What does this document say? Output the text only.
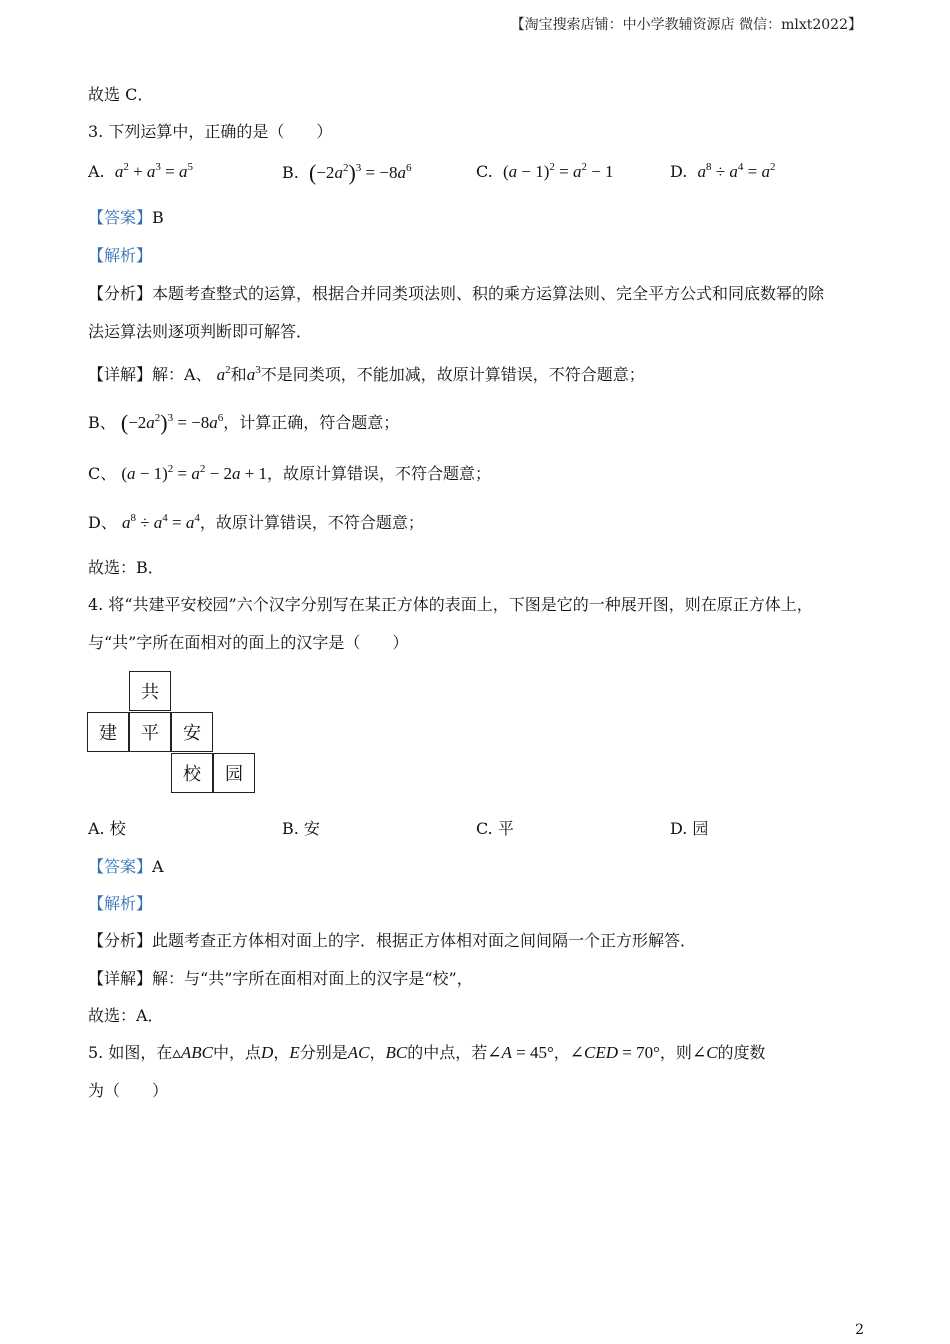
【淘宝搜索店铺：中小学教辅资源店 微信：mlxt2022】
故选 C．
3. 下列运算中，正确的是（　　）
A. $a^2 + a^3 = a^5$	B. $(-2a^2)^3 = -8a^6$	C. $(a - 1)^2 = a^2 - 1$	D. $a^8 \div a^4 = a^2$
【答案】B
【解析】
【分析】本题考查整式的运算，根据合并同类项法则、积的乘方运算法则、完全平方公式和同底数幂的除
法运算法则逐项判断即可解答．
【详解】解：A、 $a^2$和$a^3$不是同类项，不能加减，故原计算错误，不符合题意；
B、 $(-2a^2)^3 = -8a^6$，计算正确，符合题意；
C、 $(a - 1)^2 = a^2 - 2a + 1$，故原计算错误，不符合题意；
D、 $a^8 \div a^4 = a^4$，故原计算错误，不符合题意；
故选：B．
4. 将“共建平安校园”六个汉字分别写在某正方体的表面上，下图是它的一种展开图，则在原正方体上，
与“共”字所在面相对的面上的汉字是（　　）
共
建	平	安
校	园
A. 校	B. 安	C. 平	D. 园
【答案】A
【解析】
【分析】此题考查正方体相对面上的字．根据正方体相对面之间间隔一个正方形解答．
【详解】解：与“共”字所在面相对面上的汉字是“校”，
故选：A．
5. 如图，在▵ABC中，点D，E分别是AC，BC的中点，若∠A = 45°，∠CED = 70°，则∠C的度数
为（　　）
2
